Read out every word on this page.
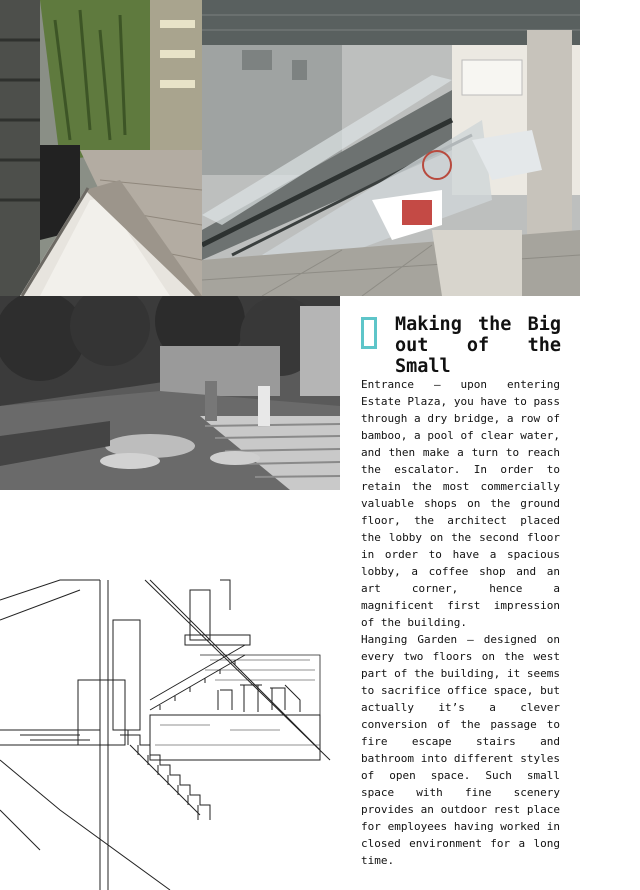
Making the Big
out of the Small

Entrance – upon entering Estate Plaza, you have to pass through a dry bridge, a row of bamboo, a pool of clear water, and then make a turn to reach the escalator. In order to retain the most commercially valuable shops on the ground floor, the architect placed the lobby on the second floor in order to have a spacious lobby, a coffee shop and an art corner, hence a magnificent first impression of the building.

Hanging Garden – designed on every two floors on the west part of the building, it seems to sacrifice office space, but actually it’s a clever conversion of the passage to fire escape stairs and bathroom into different styles of open space. Such small space with fine scenery provides an outdoor rest place for employees having worked in closed environment for a long time.
